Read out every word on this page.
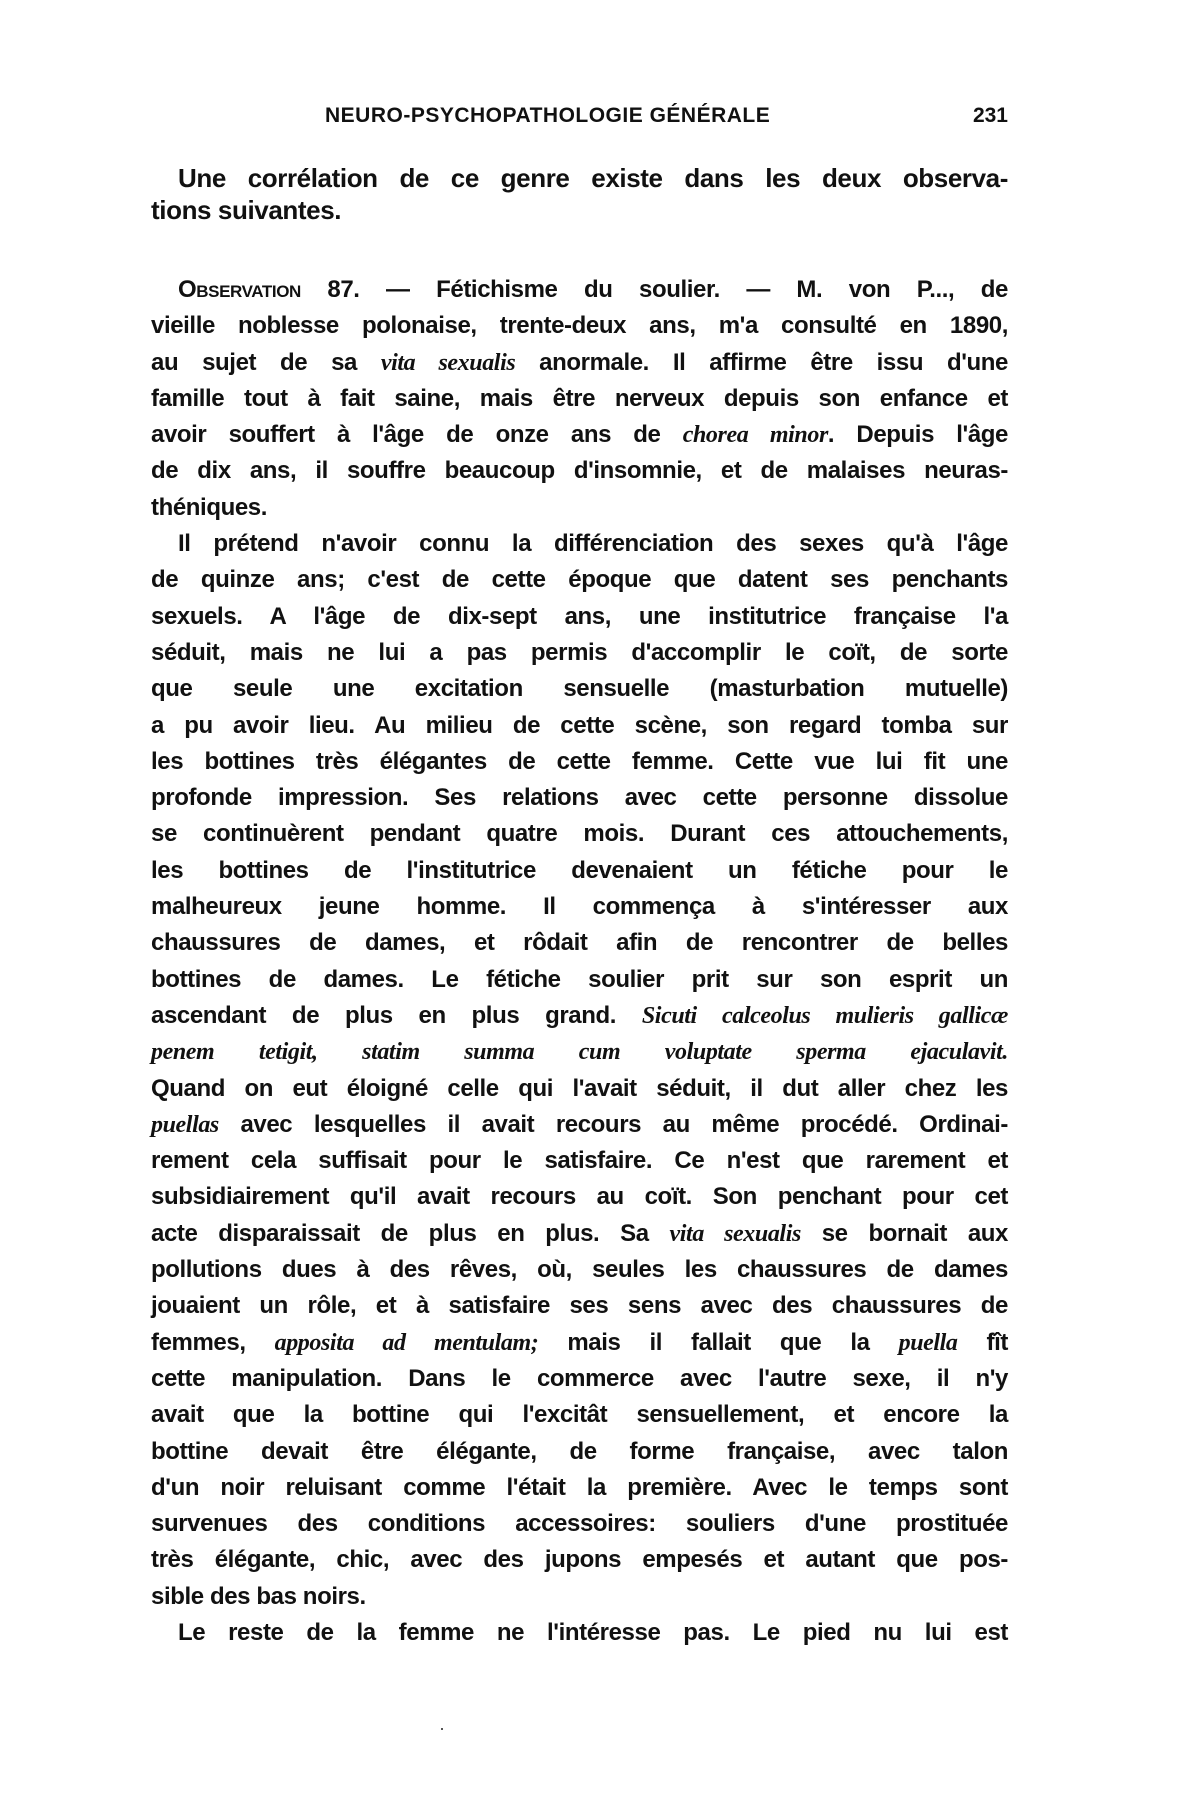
NEURO-PSYCHOPATHOLOGIE GÉNÉRALE	231
Une corrélation de ce genre existe dans les deux observa-
tions suivantes.
Observation 87. — Fétichisme du soulier. — M. von P..., de
vieille noblesse polonaise, trente-deux ans, m'a consulté en 1890,
au sujet de sa vita sexualis anormale. Il affirme être issu d'une
famille tout à fait saine, mais être nerveux depuis son enfance et
avoir souffert à l'âge de onze ans de chorea minor. Depuis l'âge
de dix ans, il souffre beaucoup d'insomnie, et de malaises neuras-
théniques.
Il prétend n'avoir connu la différenciation des sexes qu'à l'âge
de quinze ans; c'est de cette époque que datent ses penchants
sexuels. A l'âge de dix-sept ans, une institutrice française l'a
séduit, mais ne lui a pas permis d'accomplir le coït, de sorte
que seule une excitation sensuelle (masturbation mutuelle)
a pu avoir lieu. Au milieu de cette scène, son regard tomba sur
les bottines très élégantes de cette femme. Cette vue lui fit une
profonde impression. Ses relations avec cette personne dissolue
se continuèrent pendant quatre mois. Durant ces attouchements,
les bottines de l'institutrice devenaient un fétiche pour le
malheureux jeune homme. Il commença à s'intéresser aux
chaussures de dames, et rôdait afin de rencontrer de belles
bottines de dames. Le fétiche soulier prit sur son esprit un
ascendant de plus en plus grand. Sicuti calceolus mulieris gallicæ
penem tetigit, statim summa cum voluptate sperma ejaculavit.
Quand on eut éloigné celle qui l'avait séduit, il dut aller chez les
puellas avec lesquelles il avait recours au même procédé. Ordinai-
rement cela suffisait pour le satisfaire. Ce n'est que rarement et
subsidiairement qu'il avait recours au coït. Son penchant pour cet
acte disparaissait de plus en plus. Sa vita sexualis se bornait aux
pollutions dues à des rêves, où, seules les chaussures de dames
jouaient un rôle, et à satisfaire ses sens avec des chaussures de
femmes, apposita ad mentulam; mais il fallait que la puella fît
cette manipulation. Dans le commerce avec l'autre sexe, il n'y
avait que la bottine qui l'excitât sensuellement, et encore la
bottine devait être élégante, de forme française, avec talon
d'un noir reluisant comme l'était la première. Avec le temps sont
survenues des conditions accessoires: souliers d'une prostituée
très élégante, chic, avec des jupons empesés et autant que pos-
sible des bas noirs.
Le reste de la femme ne l'intéresse pas. Le pied nu lui est
